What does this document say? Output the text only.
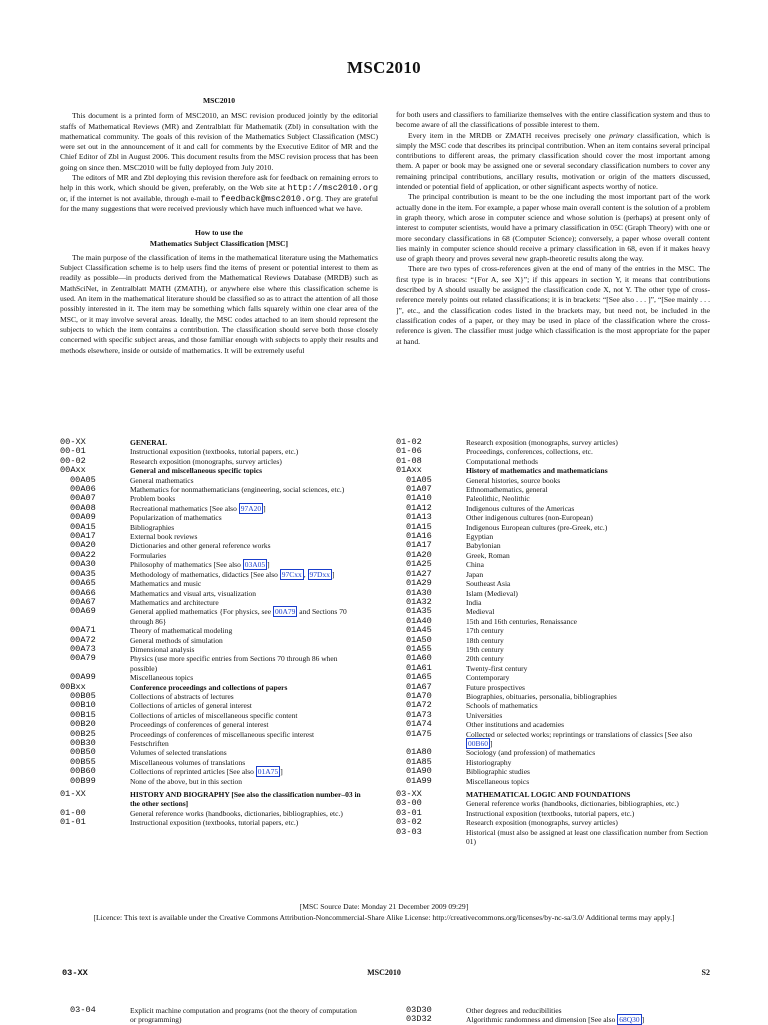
MSC2010
MSC2010

This document is a printed form of MSC2010, an MSC revision produced jointly by the editorial staffs of Mathematical Reviews (MR) and Zentralblatt für Mathematik (Zbl) in consultation with the mathematical community. The goals of this revision of the Mathematics Subject Classification (MSC) were set out in the announcement of it and call for comments by the Executive Editor of MR and the Chief Editor of Zbl in August 2006. This document results from the MSC revision process that has been going on since then. MSC2010 will be fully deployed from July 2010.

The editors of MR and Zbl deploying this revision therefore ask for feedback on remaining errors to help in this work, which should be given, preferably, on the Web site at http://msc2010.org or, if the internet is not available, through e-mail to feedback@msc2010.org. They are grateful for the many suggestions that were received previously which have much influenced what we have.

How to use the
Mathematics Subject Classification [MSC]

The main purpose of the classification of items in the mathematical literature using the Mathematics Subject Classification scheme is to help users find the items of present or potential interest to them as readily as possible—in products derived from the Mathematical Reviews Database (MRDB) such as MathSciNet, in Zentralblatt MATH (ZMATH), or anywhere else where this classification scheme is used. An item in the mathematical literature should be classified so as to attract the attention of all those possibly interested in it. The item may be something which falls squarely within one clear area of the MSC, or it may involve several areas. Ideally, the MSC codes attached to an item should represent the subjects to which the item contains a contribution. The classification should serve both those closely concerned with specific subject areas, and those familiar enough with subjects to apply their results and methods elsewhere, inside or outside of mathematics. It will be extremely useful

for both users and classifiers to familiarize themselves with the entire classification system and thus to become aware of all the classifications of possible interest to them.

Every item in the MRDB or ZMATH receives precisely one primary classification, which is simply the MSC code that describes its principal contribution. When an item contains several principal contributions to different areas, the primary classification should cover the most important among them. A paper or book may be assigned one or several secondary classification numbers to cover any remaining principal contributions, ancillary results, motivation or origin of the matters discussed, intended or potential field of application, or other significant aspects worthy of notice.

The principal contribution is meant to be the one including the most important part of the work actually done in the item. For example, a paper whose main overall content is the solution of a problem in graph theory, which arose in computer science and whose solution is (perhaps) at present only of interest to computer scientists, would have a primary classification in 05C (Graph Theory) with one or more secondary classifications in 68 (Computer Science); conversely, a paper whose overall content lies mainly in computer science should receive a primary classification in 68, even if it makes heavy use of graph theory and proves several new graph-theoretic results along the way.

There are two types of cross-references given at the end of many of the entries in the MSC. The first type is in braces: “{For A, see X}”; if this appears in section Y, it means that contributions described by A should usually be assigned the classification code X, not Y. The other type of cross-reference merely points out related classifications; it is in brackets: “[See also . . . ]”, “[See mainly . . . ]”, etc., and the classification codes listed in the brackets may, but need not, be included in the classification codes of a paper, or they may be used in place of the classification where the cross-reference is given. The classifier must judge which classification is the most appropriate for the paper at hand.

00-XX	GENERAL
00-01	Instructional exposition (textbooks, tutorial papers, etc.)
00-02	Research exposition (monographs, survey articles)
00Axx	General and miscellaneous specific topics
00A05	General mathematics
00A06	Mathematics for nonmathematicians (engineering, social sciences, etc.)
00A07	Problem books
00A08	Recreational mathematics [See also 97A20 ]
00A09	Popularization of mathematics
00A15	Bibliographies
00A17	External book reviews
00A20	Dictionaries and other general reference works
00A22	Formularies
00A30	Philosophy of mathematics [See also 03A05 ]
00A35	Methodology of mathematics, didactics [See also 97Cxx , 97Dxx ]
00A65	Mathematics and music
00A66	Mathematics and visual arts, visualization
00A67	Mathematics and architecture
00A69	General applied mathematics {For physics, see 00A79 and Sections 70 through 86}
00A71	Theory of mathematical modeling
00A72	General methods of simulation
00A73	Dimensional analysis
00A79	Physics (use more specific entries from Sections 70 through 86 when possible)
00A99	Miscellaneous topics
00Bxx	Conference proceedings and collections of papers
00B05	Collections of abstracts of lectures
00B10	Collections of articles of general interest
00B15	Collections of articles of miscellaneous specific content
00B20	Proceedings of conferences of general interest
00B25	Proceedings of conferences of miscellaneous specific interest
00B30	Festschriften
00B50	Volumes of selected translations
00B55	Miscellaneous volumes of translations
00B60	Collections of reprinted articles [See also 01A75 ]
00B99	None of the above, but in this section
01-XX	HISTORY AND BIOGRAPHY [See also the classification number–03 in the other sections]
01-00	General reference works (handbooks, dictionaries, bibliographies, etc.)
01-01	Instructional exposition (textbooks, tutorial papers, etc.)
01-02	Research exposition (monographs, survey articles)
01-06	Proceedings, conferences, collections, etc.
01-08	Computational methods
01Axx	History of mathematics and mathematicians
01A05	General histories, source books
01A07	Ethnomathematics, general
01A10	Paleolithic, Neolithic
01A12	Indigenous cultures of the Americas
01A13	Other indigenous cultures (non-European)
01A15	Indigenous European cultures (pre-Greek, etc.)
01A16	Egyptian
01A17	Babylonian
01A20	Greek, Roman
01A25	China
01A27	Japan
01A29	Southeast Asia
01A30	Islam (Medieval)
01A32	India
01A35	Medieval
01A40	15th and 16th centuries, Renaissance
01A45	17th century
01A50	18th century
01A55	19th century
01A60	20th century
01A61	Twenty-first century
01A65	Contemporary
01A67	Future prospectives
01A70	Biographies, obituaries, personalia, bibliographies
01A72	Schools of mathematics
01A73	Universities
01A74	Other institutions and academies
01A75	Collected or selected works; reprintings or translations of classics [See also 00B60 ]
01A80	Sociology (and profession) of mathematics
01A85	Historiography
01A90	Bibliographic studies
01A99	Miscellaneous topics
03-XX	MATHEMATICAL LOGIC AND FOUNDATIONS
03-00	General reference works (handbooks, dictionaries, bibliographies, etc.)
03-01	Instructional exposition (textbooks, tutorial papers, etc.)
03-02	Research exposition (monographs, survey articles)
03-03	Historical (must also be assigned at least one classification number from Section 01)
[MSC Source Date: Monday 21 December 2009 09:29]
[Licence: This text is available under the Creative Commons Attribution-Noncommercial-Share Alike License: http://creativecommons.org/licenses/by-nc-sa/3.0/ Additional terms may apply.]
03-XX	MSC2010	S2
03-04	Explicit machine computation and programs (not the theory of computation or programming)
03D30	Other degrees and reducibilities
03D32	Algorithmic randomness and dimension [See also 68Q30 ]
